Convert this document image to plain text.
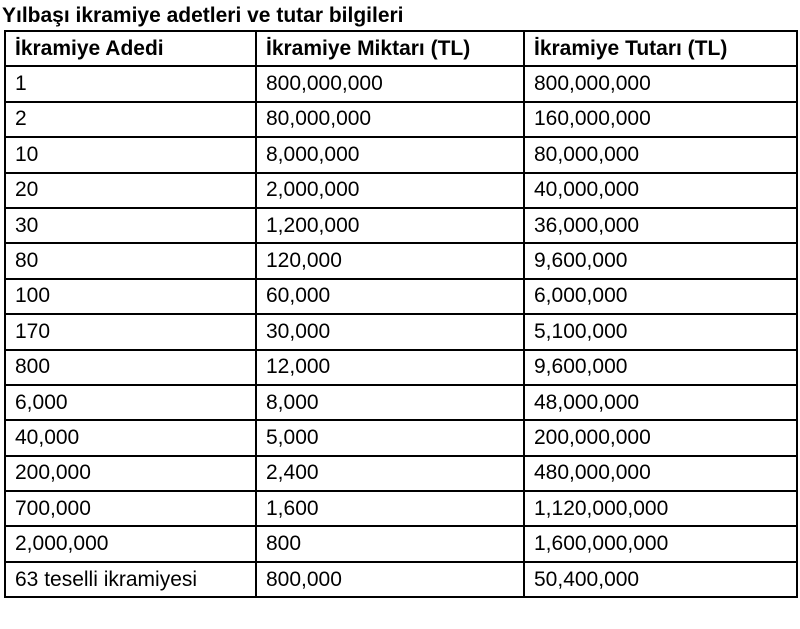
Yılbaşı ikramiye adetleri ve tutar bilgileri
İkramiye Adedi	İkramiye Miktarı (TL)	İkramiye Tutarı (TL)
1	800,000,000	800,000,000
2	80,000,000	160,000,000
10	8,000,000	80,000,000
20	2,000,000	40,000,000
30	1,200,000	36,000,000
80	120,000	9,600,000
100	60,000	6,000,000
170	30,000	5,100,000
800	12,000	9,600,000
6,000	8,000	48,000,000
40,000	5,000	200,000,000
200,000	2,400	480,000,000
700,000	1,600	1,120,000,000
2,000,000	800	1,600,000,000
63 teselli ikramiyesi	800,000	50,400,000
